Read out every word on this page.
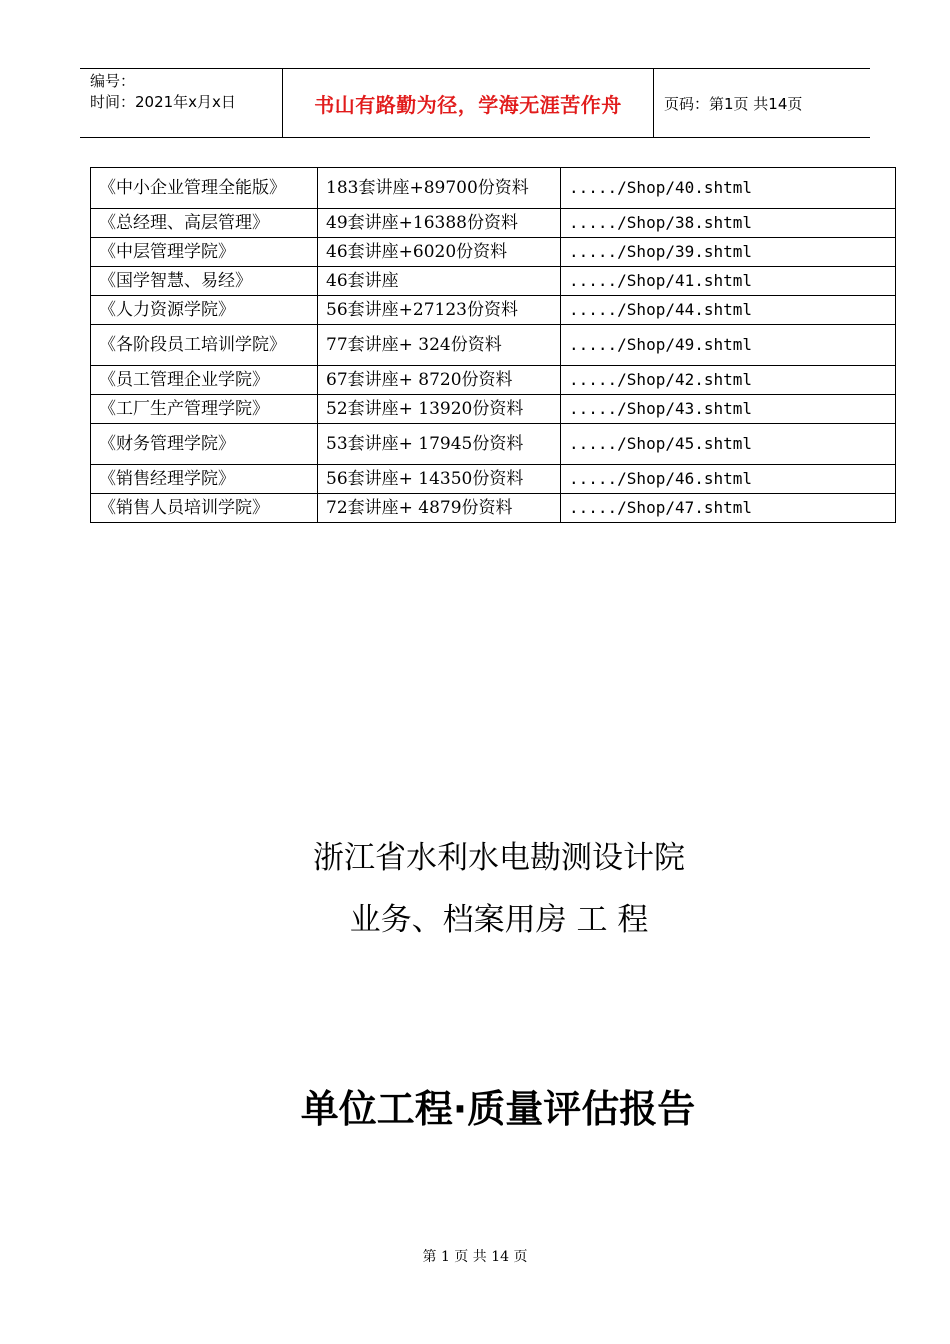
编号：
时间：2021年x月x日	书山有路勤为径，学海无涯苦作舟	页码：第1页 共14页
《中小企业管理全能版》	183套讲座+89700份资料	...../Shop/40.shtml
《总经理、高层管理》	49套讲座+16388份资料	...../Shop/38.shtml
《中层管理学院》	46套讲座+6020份资料	...../Shop/39.shtml
《国学智慧、易经》	46套讲座	...../Shop/41.shtml
《人力资源学院》	56套讲座+27123份资料	...../Shop/44.shtml
《各阶段员工培训学院》	77套讲座+ 324份资料	...../Shop/49.shtml
《员工管理企业学院》	67套讲座+ 8720份资料	...../Shop/42.shtml
《工厂生产管理学院》	52套讲座+ 13920份资料	...../Shop/43.shtml
《财务管理学院》	53套讲座+ 17945份资料	...../Shop/45.shtml
《销售经理学院》	56套讲座+ 14350份资料	...../Shop/46.shtml
《销售人员培训学院》	72套讲座+ 4879份资料	...../Shop/47.shtml
浙江省水利水电勘测设计院
业务、档案用房 工 程
单位工程·质量评估报告
第 1 页 共 14 页
